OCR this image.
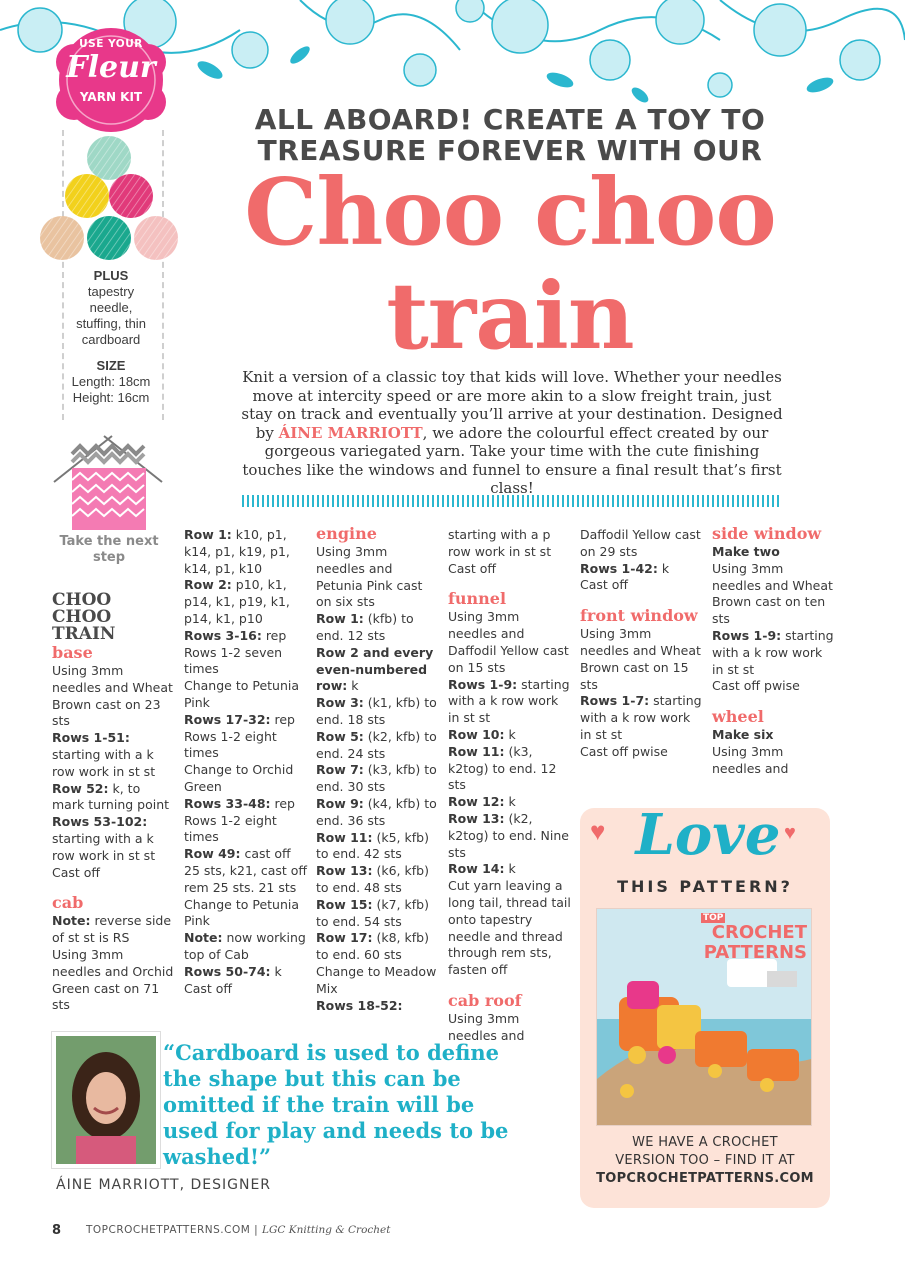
USE YOUR
Fleur
YARN KIT
PLUS
tapestry needle, stuffing, thin cardboard
SIZE
Length: 18cm
Height: 16cm
Take the next step
ALL ABOARD! CREATE A TOY TO
TREASURE FOREVER WITH OUR
Choo choo
train
Knit a version of a classic toy that kids will love. Whether your needles move at intercity speed or are more akin to a slow freight train, just stay on track and eventually you’ll arrive at your destination. Designed by ÁINE MARRIOTT, we adore the colourful effect created by our gorgeous variegated yarn. Take your time with the cute finishing touches like the windows and funnel to ensure a final result that’s first class!
CHOO CHOO TRAIN

base

Using 3mm needles and Wheat Brown cast on 23 sts

Rows 1-51: starting with a k row work in st st

Row 52: k, to mark turning point

Rows 53-102: starting with a k row work in st st

Cast off

cab

Note: reverse side of st st is RS

Using 3mm needles and Orchid Green cast on 71 sts

Row 1: k10, p1, k14, p1, k19, p1, k14, p1, k10

Row 2: p10, k1, p14, k1, p19, k1, p14, k1, p10

Rows 3-16: rep Rows 1-2 seven times

Change to Petunia Pink

Rows 17-32: rep Rows 1-2 eight times

Change to Orchid Green

Rows 33-48: rep Rows 1-2 eight times

Row 49: cast off 25 sts, k21, cast off rem 25 sts. 21 sts

Change to Petunia Pink

Note: now working top of Cab

Rows 50-74: k

Cast off

engine

Using 3mm needles and Petunia Pink cast on six sts

Row 1: (kfb) to end. 12 sts

Row 2 and every even-numbered row: k

Row 3: (k1, kfb) to end. 18 sts

Row 5: (k2, kfb) to end. 24 sts

Row 7: (k3, kfb) to end. 30 sts

Row 9: (k4, kfb) to end. 36 sts

Row 11: (k5, kfb) to end. 42 sts

Row 13: (k6, kfb) to end. 48 sts

Row 15: (k7, kfb) to end. 54 sts

Row 17: (k8, kfb) to end. 60 sts

Change to Meadow Mix

Rows 18-52:

starting with a p row work in st st

Cast off

funnel

Using 3mm needles and Daffodil Yellow cast on 15 sts

Rows 1-9: starting with a k row work in st st

Row 10: k

Row 11: (k3, k2tog) to end. 12 sts

Row 12: k

Row 13: (k2, k2tog) to end. Nine sts

Row 14: k

Cut yarn leaving a long tail, thread tail onto tapestry needle and thread through rem sts, fasten off

cab roof

Using 3mm needles and

Daffodil Yellow cast on 29 sts

Rows 1-42: k

Cast off

front window

Using 3mm needles and Wheat Brown cast on 15 sts

Rows 1-7: starting with a k row work in st st

Cast off pwise

side window

Make two

Using 3mm needles and Wheat Brown cast on ten sts

Rows 1-9: starting with a k row work in st st

Cast off pwise

wheel

Make six

Using 3mm needles and

“Cardboard is used to define the shape but this can be omitted if the train will be used for play and needs to be washed!”
ÁINE MARRIOTT, DESIGNER
♥	♥
Love
THIS PATTERN?
TOP
CROCHET PATTERNS
WE HAVE A CROCHET VERSION TOO – FIND IT AT
TOPCROCHETPATTERNS.COM
8 TOPCROCHETPATTERNS.COM | LGC Knitting & Crochet
